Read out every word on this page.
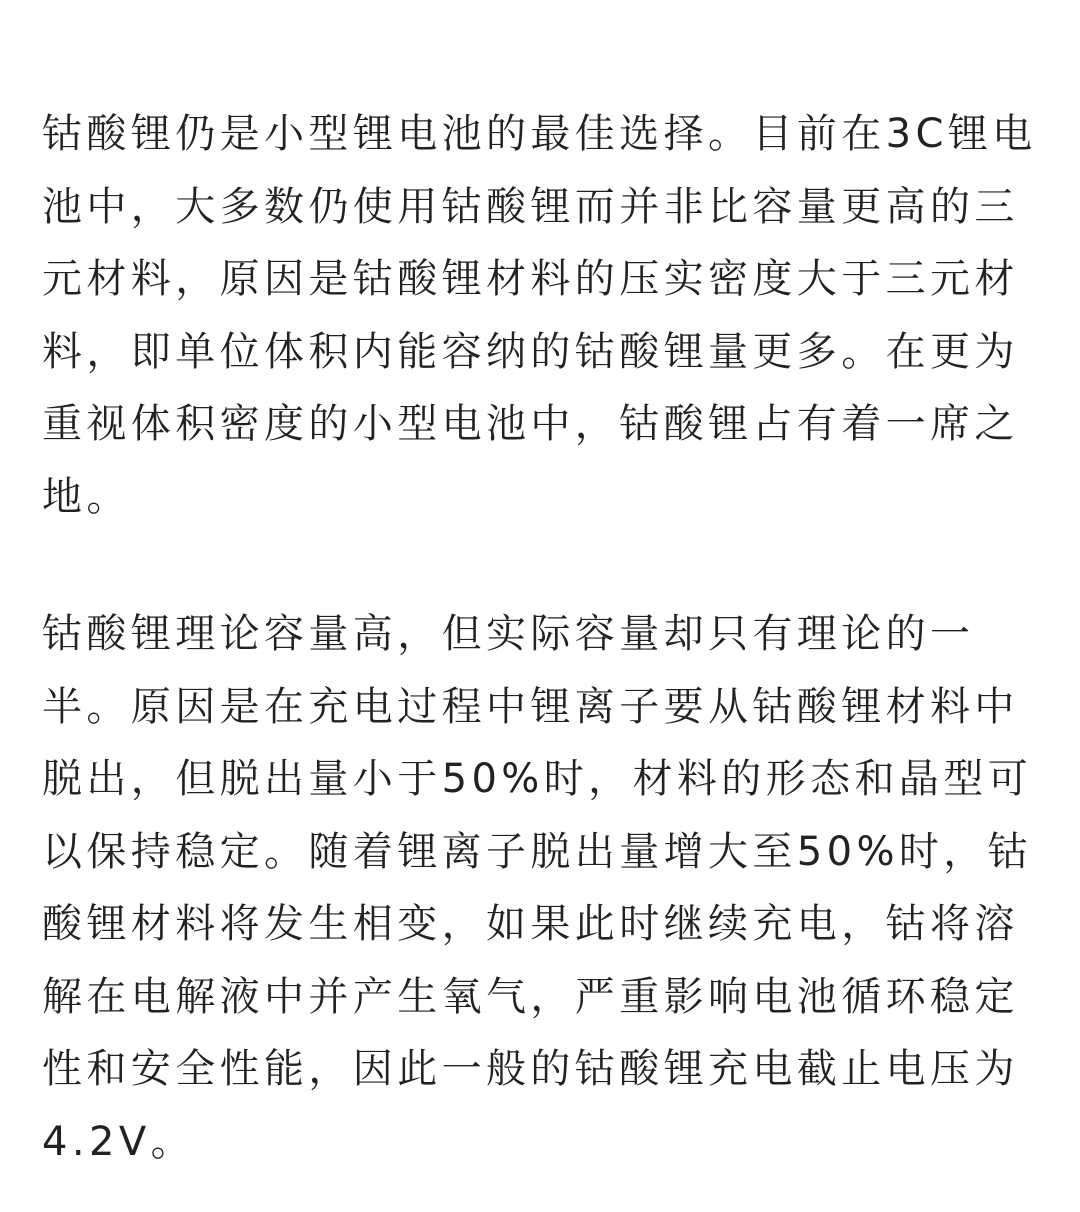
钴酸锂仍是小型锂电池的最佳选择。目前在3C锂电
池中，大多数仍使用钴酸锂而并非比容量更高的三
元材料，原因是钴酸锂材料的压实密度大于三元材
料，即单位体积内能容纳的钴酸锂量更多。在更为
重视体积密度的小型电池中，钴酸锂占有着一席之
地。

钴酸锂理论容量高，但实际容量却只有理论的一
半。原因是在充电过程中锂离子要从钴酸锂材料中
脱出，但脱出量小于50%时，材料的形态和晶型可
以保持稳定。随着锂离子脱出量增大至50%时，钴
酸锂材料将发生相变，如果此时继续充电，钴将溶
解在电解液中并产生氧气，严重影响电池循环稳定
性和安全性能，因此一般的钴酸锂充电截止电压为
4.2V。
